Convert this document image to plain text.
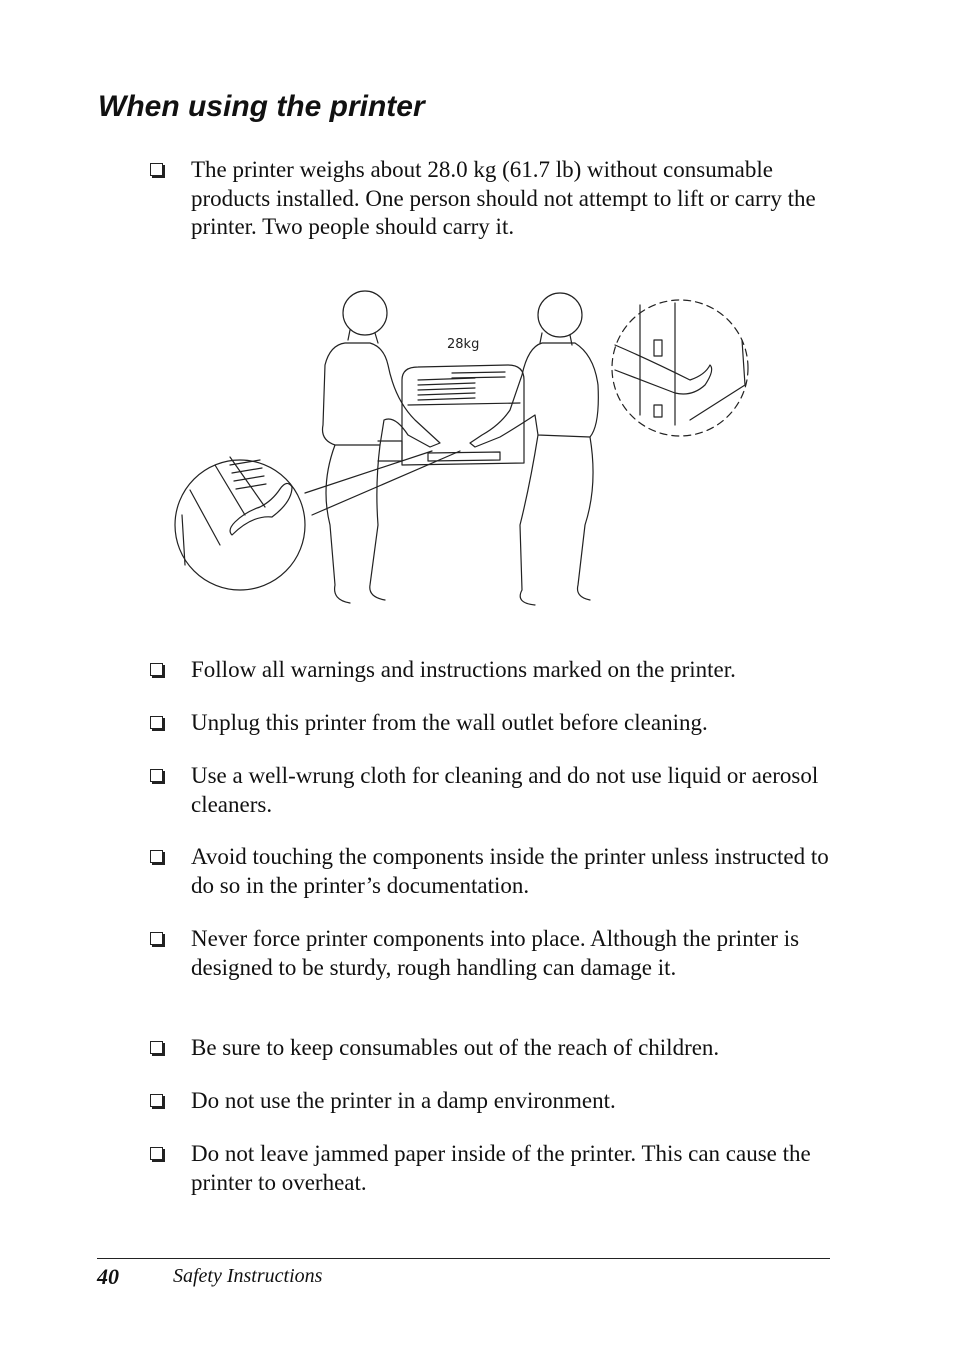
When using the printer
The printer weighs about 28.0 kg (61.7 lb) without consumable products installed. One person should not attempt to lift or carry the printer. Two people should carry it.
28kg
Follow all warnings and instructions marked on the printer.
Unplug this printer from the wall outlet before cleaning.
Use a well-wrung cloth for cleaning and do not use liquid or aerosol cleaners.
Avoid touching the components inside the printer unless instructed to do so in the printer’s documentation.
Never force printer components into place. Although the printer is designed to be sturdy, rough handling can damage it.
Be sure to keep consumables out of the reach of children.
Do not use the printer in a damp environment.
Do not leave jammed paper inside of the printer. This can cause the printer to overheat.
40	Safety Instructions
